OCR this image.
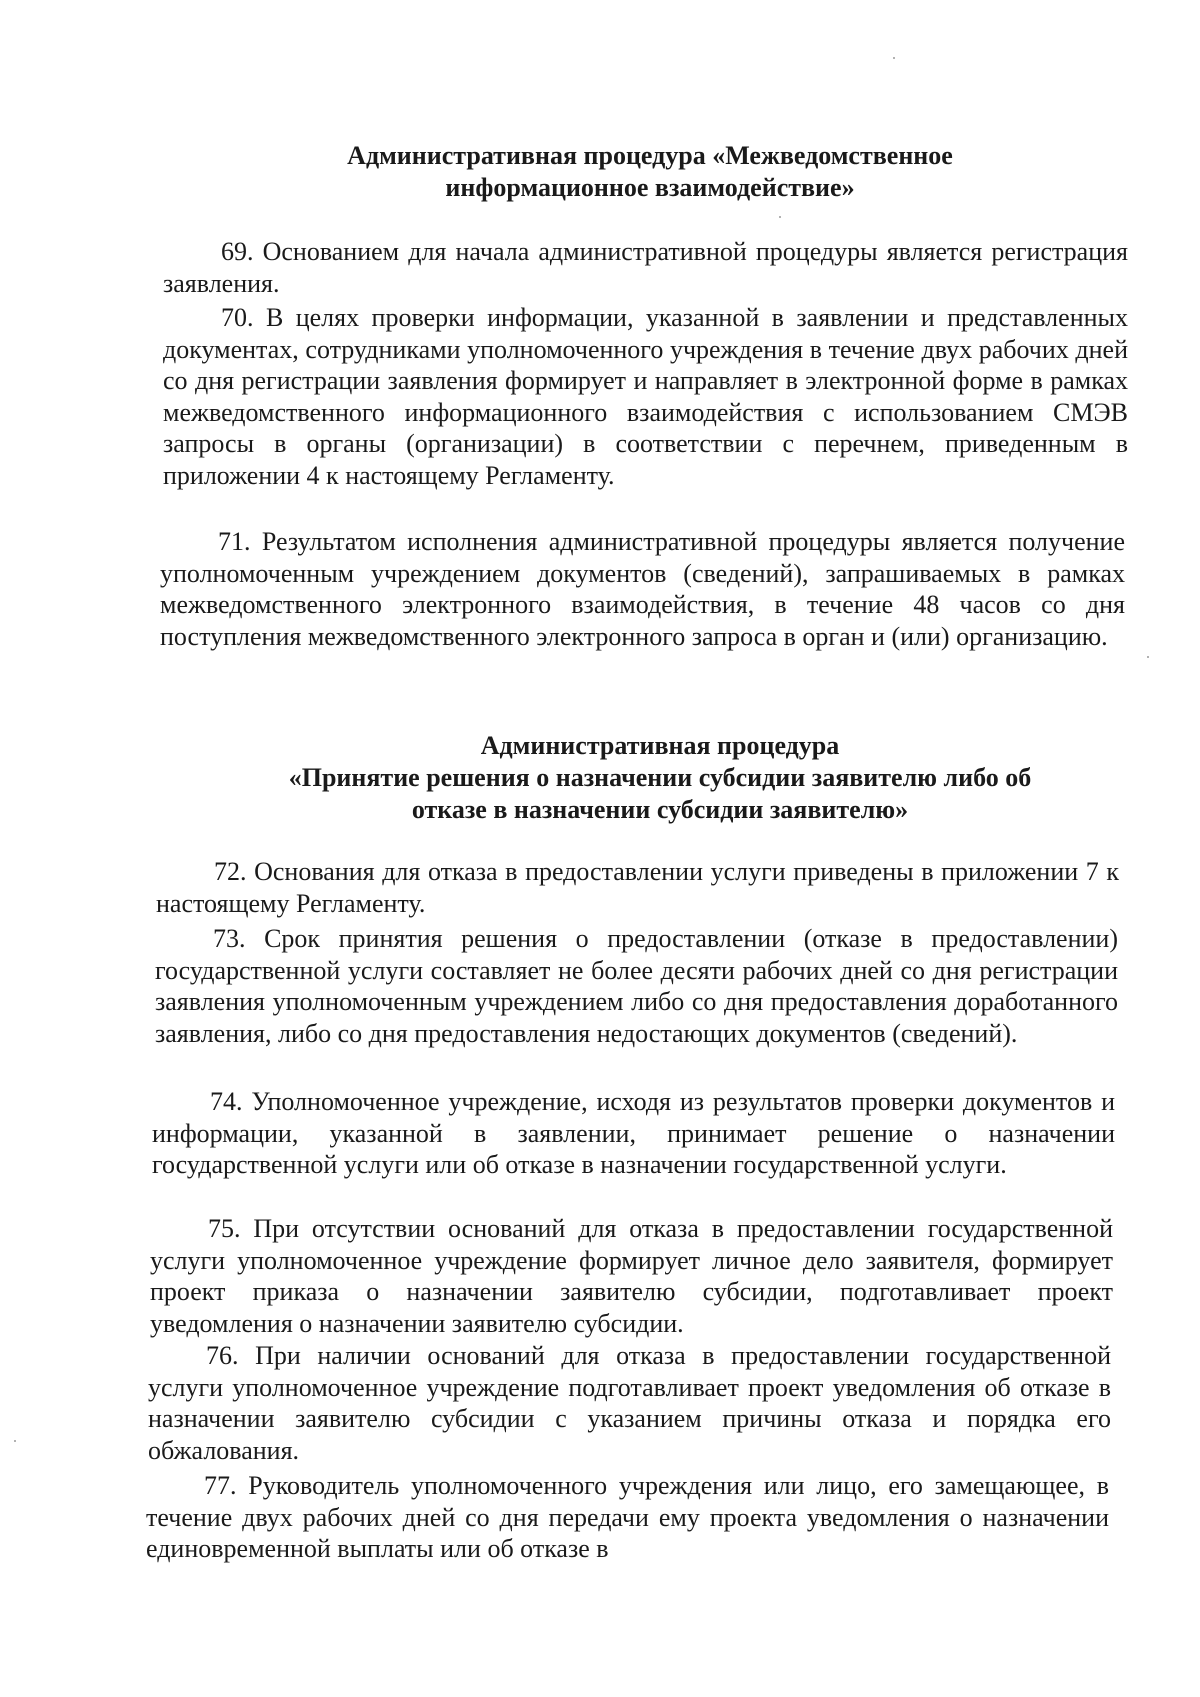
Административная процедура «Межведомственное
информационное взаимодействие»

69. Основанием для начала административной процедуры является регистрация заявления.

70. В целях проверки информации, указанной в заявлении и представленных документах, сотрудниками уполномоченного учреждения в течение двух рабочих дней со дня регистрации заявления формирует и направляет в электронной форме в рамках межведомственного информационного взаимодействия с использованием СМЭВ запросы в органы (организации) в соответствии с перечнем, приведенным в приложении 4 к настоящему Регламенту.

71. Результатом исполнения административной процедуры является получение уполномоченным учреждением документов (сведений), запрашиваемых в рамках межведомственного электронного взаимодействия, в течение 48 часов со дня поступления межведомственного электронного запроса в орган и (или) организацию.

Административная процедура
«Принятие решения о назначении субсидии заявителю либо об
отказе в назначении субсидии заявителю»

72. Основания для отказа в предоставлении услуги приведены в приложении 7 к настоящему Регламенту.

73. Срок принятия решения о предоставлении (отказе в предоставлении) государственной услуги составляет не более десяти рабочих дней со дня регистрации заявления уполномоченным учреждением либо со дня предоставления доработанного заявления, либо со дня предоставления недостающих документов (сведений).

74. Уполномоченное учреждение, исходя из результатов проверки документов и информации, указанной в заявлении, принимает решение о назначении государственной услуги или об отказе в назначении государственной услуги.

75. При отсутствии оснований для отказа в предоставлении государственной услуги уполномоченное учреждение формирует личное дело заявителя, формирует проект приказа о назначении заявителю субсидии, подготавливает проект уведомления о назначении заявителю субсидии.

76. При наличии оснований для отказа в предоставлении государственной услуги уполномоченное учреждение подготавливает проект уведомления об отказе в назначении заявителю субсидии с указанием причины отказа и порядка его обжалования.

77. Руководитель уполномоченного учреждения или лицо, его замещающее, в течение двух рабочих дней со дня передачи ему проекта уведомления о назначении единовременной выплаты или об отказе в
